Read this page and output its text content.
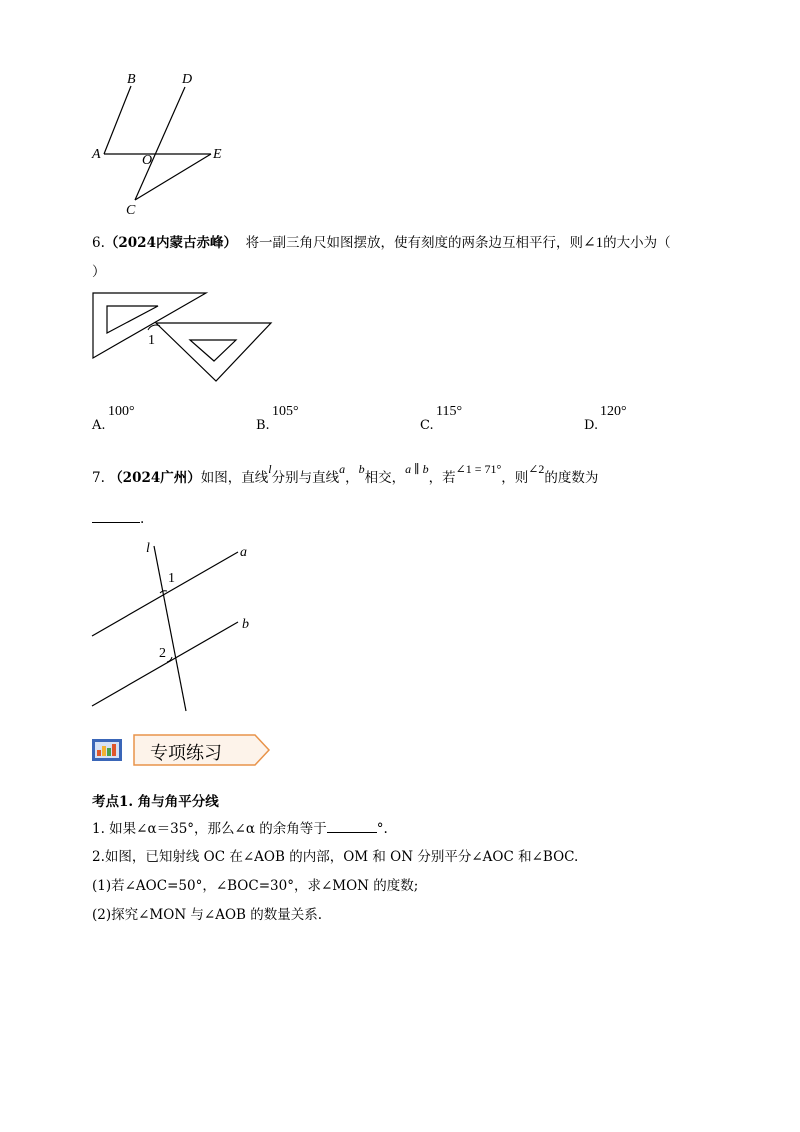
B	D
A	O	E
C
6.（2024内蒙古赤峰） 将一副三角尺如图摆放，使有刻度的两条边互相平行，则∠1的大小为（
）
1
A.
100°
B.
105°
C.
115°
D.
120°
7. （2024广州）如图，直线l分别与直线a，b相交，a ∥ b，若∠1 = 71°，则∠2的度数为
.
l	a
b
1
2
专项练习
考点1. 角与角平分线
1. 如果∠α＝35°，那么∠α 的余角等于	°.
2.如图，已知射线 OC 在∠AOB 的内部，OM 和 ON 分别平分∠AOC 和∠BOC.
(1)若∠AOC=50°，∠BOC=30°，求∠MON 的度数;
(2)探究∠MON 与∠AOB 的数量关系.
